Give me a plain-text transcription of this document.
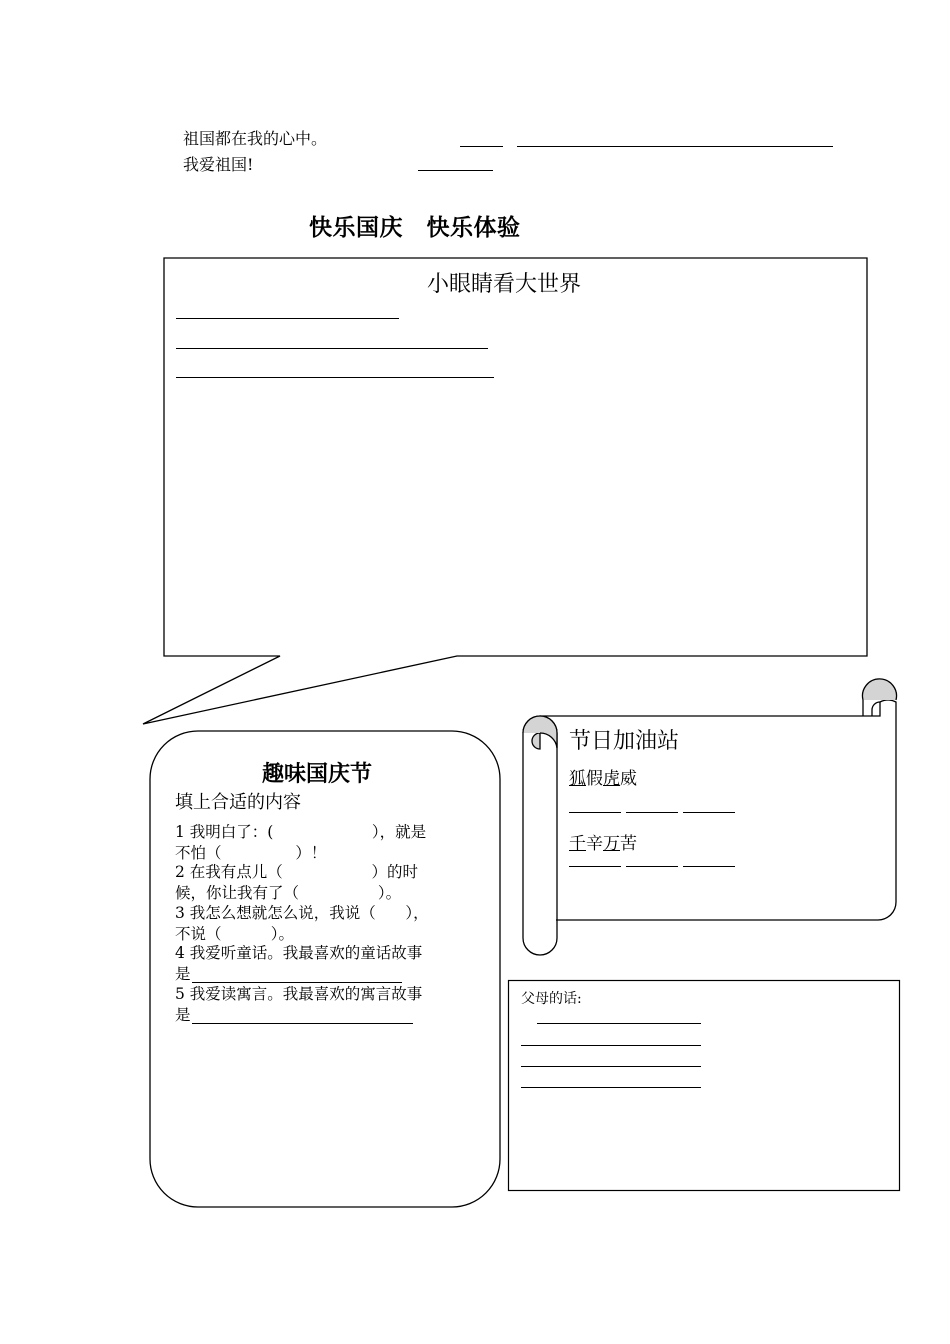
祖国都在我的心中。
我爱祖国!
快乐国庆　快乐体验
小眼睛看大世界
趣味国庆节
填上合适的内容
1 我明白了：(                    ），就是
不怕（               ）！
2 在我有点儿（                  ）的时
候，你让我有了（                ）。
3 我怎么想就怎么说，我说（      ），
不说（          ）。
4 我爱听童话。我最喜欢的童话故事
是
5 我爱读寓言。我最喜欢的寓言故事
是
节日加油站
狐假虎威
千辛万苦
父母的话:
